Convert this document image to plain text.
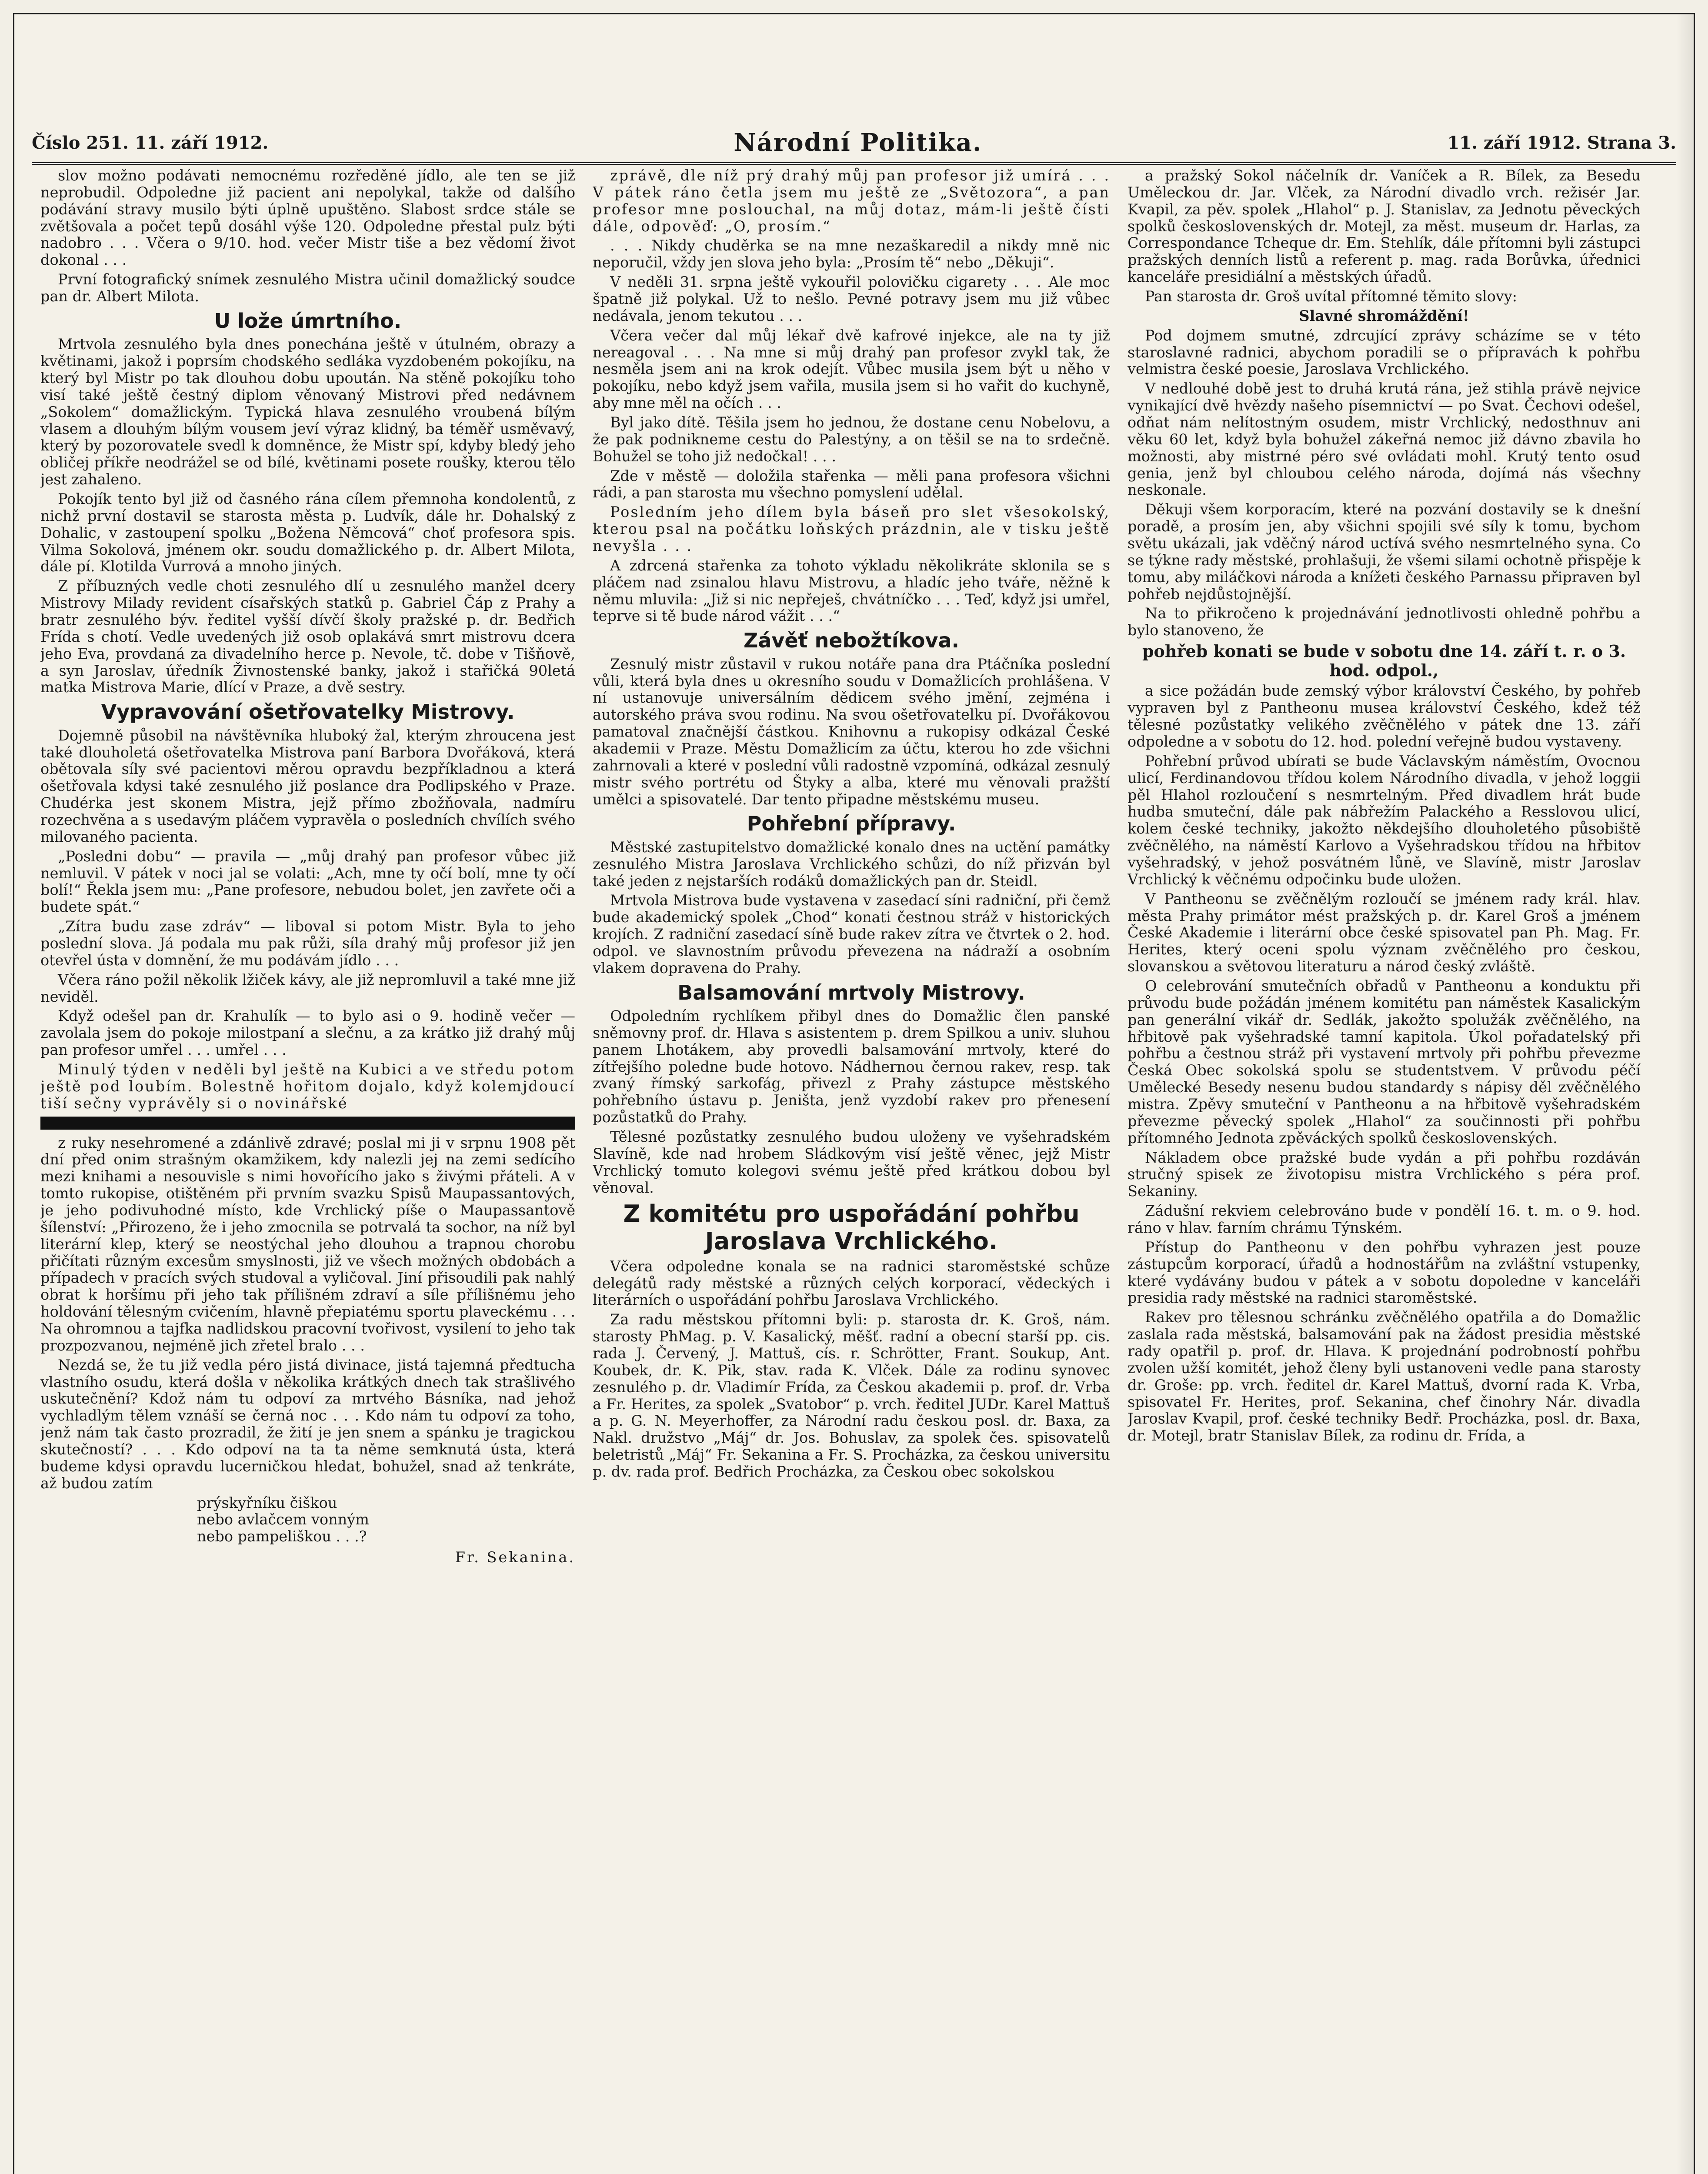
Číslo 251. 11. září 1912.	Národní Politika.	11. září 1912. Strana 3.

slov možno podávati nemocnému rozředěné jídlo, ale ten se již neprobudil. Odpoledne již pacient ani nepolykal, takže od dalšího podávání stravy musilo býti úplně upuštěno. Slabost srdce stále se zvětšovala a počet tepů dosáhl výše 120. Odpoledne přestal pulz býti nadobro . . . Včera o 9/10. hod. večer Mistr tiše a bez vědomí život dokonal . . .

První fotografický snímek zesnulého Mistra učinil domažlický soudce pan dr. Albert Milota.

U lože úmrtního.

Mrtvola zesnulého byla dnes ponechána ještě v útulném, obrazy a květinami, jakož i poprsím chodského sedláka vyzdobeném pokojíku, na který byl Mistr po tak dlouhou dobu upoután. Na stěně pokojíku toho visí také ještě čestný diplom věnovaný Mistrovi před nedávnem „Sokolem“ domažlickým. Typická hlava zesnulého vroubená bílým vlasem a dlouhým bílým vousem jeví výraz klidný, ba téměř usměvavý, který by pozorovatele svedl k domněnce, že Mistr spí, kdyby bledý jeho obličej příkře neodrážel se od bílé, květinami posete roušky, kterou tělo jest zahaleno.

Pokojík tento byl již od časného rána cílem přemnoha kondolentů, z nichž první dostavil se starosta města p. Ludvík, dále hr. Dohalský z Dohalic, v zastoupení spolku „Božena Němcová“ choť profesora spis. Vilma Sokolová, jménem okr. soudu domažlického p. dr. Albert Milota, dále pí. Klotilda Vurrová a mnoho jiných.

Z příbuzných vedle choti zesnulého dlí u zesnulého manžel dcery Mistrovy Milady revident císařských statků p. Gabriel Čáp z Prahy a bratr zesnulého býv. ředitel vyšší dívčí školy pražské p. dr. Bedřich Frída s chotí. Vedle uvedených již osob oplakává smrt mistrovu dcera jeho Eva, provdaná za divadelního herce p. Nevole, tč. dobe v Tišňově, a syn Jaroslav, úředník Živnostenské banky, jakož i stařičká 90letá matka Mistrova Marie, dlící v Praze, a dvě sestry.

Vypravování ošetřovatelky Mistrovy.

Dojemně působil na návštěvníka hluboký žal, kterým zhroucena jest také dlouholetá ošetřovatelka Mistrova paní Barbora Dvořáková, která obětovala síly své pacientovi měrou opravdu bezpříkladnou a která ošetřovala kdysi také zesnulého již poslance dra Podlipského v Praze. Chudérka jest skonem Mistra, jejž přímo zbožňovala, nadmíru rozechvěna a s usedavým pláčem vypravěla o posledních chvílích svého milovaného pacienta.

„Posledni dobu“ — pravila — „můj drahý pan profesor vůbec již nemluvil. V pátek v noci jal se volati: „Ach, mne ty očí bolí, mne ty očí bolí!“ Řekla jsem mu: „Pane profesore, nebudou bolet, jen zavřete oči a budete spát.“

„Zítra budu zase zdráv“ — liboval si potom Mistr. Byla to jeho poslední slova. Já podala mu pak růži, síla drahý můj profesor již jen otevřel ústa v domnění, že mu podávám jídlo . . .

Včera ráno požil několik lžiček kávy, ale již nepromluvil a také mne již neviděl.

Když odešel pan dr. Krahulík — to bylo asi o 9. hodině večer — zavolala jsem do pokoje milostpaní a slečnu, a za krátko již drahý můj pan profesor umřel . . . umřel . . .

Minulý týden v neděli byl ještě na Kubici a ve středu potom ještě pod loubím. Bolestně hořitom dojalo, když kolemjdoucí tiší sečny vyprávěly si o novinářské

z ruky nesehromené a zdánlivě zdravé; poslal mi ji v srpnu 1908 pět dní před onim strašným okamžikem, kdy nalezli jej na zemi sedícího mezi knihami a nesouvisle s nimi hovořícího jako s živými přáteli. A v tomto rukopise, otištěném při prvním svazku Spisů Maupassantových, je jeho podivuhodné místo, kde Vrchlický píše o Maupassantově šílenství: „Přirozeno, že i jeho zmocnila se potrvalá ta sochor, na níž byl literární klep, který se neostýchal jeho dlouhou a trapnou chorobu přičítati různým excesům smyslnosti, již ve všech možných obdobách a případech v pracích svých studoval a vyličoval. Jiní přisoudili pak nahlý obrat k horšímu při jeho tak přílišném zdraví a síle přílišnému jeho holdování tělesným cvičením, hlavně přepiatému sportu plaveckému . . . Na ohromnou a tajfka nadlidskou pracovní tvořivost, vysilení to jeho tak prozpozvanou, nejméně jich zřetel bralo . . .

Nezdá se, že tu již vedla péro jistá divinace, jistá tajemná předtucha vlastního osudu, která došla v několika krátkých dnech tak strašlivého uskutečnění? Kdož nám tu odpoví za mrtvého Básníka, nad jehož vychladlým tělem vznáší se černá noc . . . Kdo nám tu odpoví za toho, jenž nám tak často prozradil, že žití je jen snem a spánku je tragickou skutečností? . . . Kdo odpoví na ta ta něme semknutá ústa, která budeme kdysi opravdu lucerničkou hledat, bohužel, snad až tenkráte, až budou zatím

prýskyřníku čiškou
nebo avlačcem vonným
nebo pampeliškou . . .?
Fr. Sekanina.

zprávě, dle níž prý drahý můj pan profesor již umírá . . . V pátek ráno četla jsem mu ještě ze „Světozora“, a pan profesor mne poslouchal, na můj dotaz, mám-li ještě čísti dále, odpověď: „O, prosím.“

. . . Nikdy chuděrka se na mne nezaškaredil a nikdy mně nic neporučil, vždy jen slova jeho byla: „Prosím tě“ nebo „Děkuji“.

V neděli 31. srpna ještě vykouřil polovičku cigarety . . . Ale moc špatně již polykal. Už to nešlo. Pevné potravy jsem mu již vůbec nedávala, jenom tekutou . . .

Včera večer dal můj lékař dvě kafrové injekce, ale na ty již nereagoval . . . Na mne si můj drahý pan profesor zvykl tak, že nesměla jsem ani na krok odejít. Vůbec musila jsem být u něho v pokojíku, nebo když jsem vařila, musila jsem si ho vařit do kuchyně, aby mne měl na očích . . .

Byl jako dítě. Těšila jsem ho jednou, že dostane cenu Nobelovu, a že pak podnikneme cestu do Palestýny, a on těšil se na to srdečně. Bohužel se toho již nedočkal! . . .

Zde v městě — doložila stařenka — měli pana profesora všichni rádi, a pan starosta mu všechno pomyslení udělal.

Posledním jeho dílem byla báseň pro slet všesokolský, kterou psal na počátku loňských prázdnin, ale v tisku ještě nevyšla . . .

A zdrcená stařenka za tohoto výkladu několikráte sklonila se s pláčem nad zsinalou hlavu Mistrovu, a hladíc jeho tváře, něžně k němu mluvila: „Již si nic nepřeješ, chvátníčko . . . Teď, když jsi umřel, teprve si tě bude národ vážit . . .“

Závěť nebožtíkova.

Zesnulý mistr zůstavil v rukou notáře pana dra Ptáčníka poslední vůli, která byla dnes u okresního soudu v Domažlicích prohlášena. V ní ustanovuje universálním dědicem svého jmění, zejména i autorského práva svou rodinu. Na svou ošetřovatelku pí. Dvořákovou pamatoval značnější částkou. Knihovnu a rukopisy odkázal České akademii v Praze. Městu Domažlicím za účtu, kterou ho zde všichni zahrnovali a které v poslední vůli radostně vzpomíná, odkázal zesnulý mistr svého portrétu od Štyky a alba, které mu věnovali pražští umělci a spisovatelé. Dar tento připadne městskému museu.

Pohřební přípravy.

Městské zastupitelstvo domažlické konalo dnes na uctění památky zesnulého Mistra Jaroslava Vrchlického schůzi, do níž přizván byl také jeden z nejstarších rodáků domažlických pan dr. Steidl.

Mrtvola Mistrova bude vystavena v zasedací síni radniční, při čemž bude akademický spolek „Chod“ konati čestnou stráž v historických krojích. Z radniční zasedací síně bude rakev zítra ve čtvrtek o 2. hod. odpol. ve slavnostním průvodu převezena na nádraží a osobním vlakem dopravena do Prahy.

Balsamování mrtvoly Mistrovy.

Odpoledním rychlíkem přibyl dnes do Domažlic člen panské sněmovny prof. dr. Hlava s asistentem p. drem Spilkou a univ. sluhou panem Lhotákem, aby provedli balsamování mrtvoly, které do zítřejšího poledne bude hotovo. Nádhernou černou rakev, resp. tak zvaný římský sarkofág, přivezl z Prahy zástupce městského pohřebního ústavu p. Jeništa, jenž vyzdobí rakev pro přenesení pozůstatků do Prahy.

Tělesné pozůstatky zesnulého budou uloženy ve vyšehradském Slavíně, kde nad hrobem Sládkovým visí ještě věnec, jejž Mistr Vrchlický tomuto kolegovi svému ještě před krátkou dobou byl věnoval.

Z komitétu pro uspořádání pohřbu Jaroslava Vrchlického.

Včera odpoledne konala se na radnici staroměstské schůze delegátů rady městské a různých celých korporací, vědeckých i literárních o uspořádání pohřbu Jaroslava Vrchlického.

Za radu městskou přítomni byli: p. starosta dr. K. Groš, nám. starosty PhMag. p. V. Kasalický, měšť. radní a obecní starší pp. cis. rada J. Červený, J. Mattuš, cís. r. Schrötter, Frant. Soukup, Ant. Koubek, dr. K. Pik, stav. rada K. Vlček. Dále za rodinu synovec zesnulého p. dr. Vladimír Frída, za Českou akademii p. prof. dr. Vrba a Fr. Herites, za spolek „Svatobor“ p. vrch. ředitel JUDr. Karel Mattuš a p. G. N. Meyerhoffer, za Národní radu českou posl. dr. Baxa, za Nakl. družstvo „Máj“ dr. Jos. Bohuslav, za spolek čes. spisovatelů beletristů „Máj“ Fr. Sekanina a Fr. S. Procházka, za českou universitu p. dv. rada prof. Bedřich Procházka, za Českou obec sokolskou

a pražský Sokol náčelník dr. Vaníček a R. Bílek, za Besedu Uměleckou dr. Jar. Vlček, za Národní divadlo vrch. režisér Jar. Kvapil, za pěv. spolek „Hlahol“ p. J. Stanislav, za Jednotu pěveckých spolků československých dr. Motejl, za měst. museum dr. Harlas, za Correspondance Tcheque dr. Em. Stehlík, dále přítomni byli zástupci pražských denních listů a referent p. mag. rada Borůvka, úřednici kanceláře presidiální a městských úřadů.

Pan starosta dr. Groš uvítal přítomné těmito slovy:

Slavné shromáždění!

Pod dojmem smutné, zdrcující zprávy scházíme se v této staroslavné radnici, abychom poradili se o přípravách k pohřbu velmistra české poesie, Jaroslava Vrchlického.

V nedlouhé době jest to druhá krutá rána, jež stihla právě nejvice vynikající dvě hvězdy našeho písemnictví — po Svat. Čechovi odešel, odňat nám nelítostným osudem, mistr Vrchlický, nedosthnuv ani věku 60 let, když byla bohužel zákeřná nemoc již dávno zbavila ho možnosti, aby mistrné péro své ovládati mohl. Krutý tento osud genia, jenž byl chloubou celého národa, dojímá nás všechny neskonale.

Děkuji všem korporacím, které na pozvání dostavily se k dnešní poradě, a prosím jen, aby všichni spojili své síly k tomu, bychom světu ukázali, jak vděčný národ uctívá svého nesmrtelného syna. Co se týkne rady městské, prohlašuji, že všemi silami ochotně přispěje k tomu, aby miláčkovi národa a knížeti českého Parnassu připraven byl pohřeb nejdůstojnější.

Na to přikročeno k projednávání jednotlivosti ohledně pohřbu a bylo stanoveno, že

pohřeb konati se bude v sobotu dne 14. září t. r. o 3. hod. odpol.,

a sice požádán bude zemský výbor království Českého, by pohřeb vypraven byl z Pantheonu musea království Českého, kdež též tělesné pozůstatky velikého zvěčnělého v pátek dne 13. září odpoledne a v sobotu do 12. hod. polední veřejně budou vystaveny.

Pohřební průvod ubírati se bude Václavským náměstím, Ovocnou ulicí, Ferdinandovou třídou kolem Národního divadla, v jehož loggii pěl Hlahol rozloučení s nesmrtelným. Před divadlem hrát bude hudba smuteční, dále pak nábřežím Palackého a Resslovou ulicí, kolem české techniky, jakožto někdejšího dlouholetého působiště zvěčnělého, na náměstí Karlovo a Vyšehradskou třídou na hřbitov vyšehradský, v jehož posvátném lůně, ve Slavíně, mistr Jaroslav Vrchlický k věčnému odpočinku bude uložen.

V Pantheonu se zvěčnělým rozloučí se jménem rady král. hlav. města Prahy primátor mést pražských p. dr. Karel Groš a jménem České Akademie i literární obce české spisovatel pan Ph. Mag. Fr. Herites, který oceni spolu význam zvěčnělého pro českou, slovanskou a světovou literaturu a národ český zvláště.

O celebrování smutečních obřadů v Pantheonu a konduktu při průvodu bude požádán jménem komitétu pan náměstek Kasalickým pan generální vikář dr. Sedlák, jakožto spolužák zvěčnělého, na hřbitově pak vyšehradské tamní kapitola. Úkol pořadatelský při pohřbu a čestnou stráž při vystavení mrtvoly při pohřbu převezme Česká Obec sokolská spolu se studentstvem. V průvodu péčí Umělecké Besedy nesenu budou standardy s nápisy děl zvěčnělého mistra. Zpěvy smuteční v Pantheonu a na hřbitově vyšehradském převezme pěvecký spolek „Hlahol“ za součinnosti při pohřbu přítomného Jednota zpěváckých spolků československých.

Nákladem obce pražské bude vydán a při pohřbu rozdáván stručný spisek ze životopisu mistra Vrchlického s péra prof. Sekaniny.

Zádušní rekviem celebrováno bude v pondělí 16. t. m. o 9. hod. ráno v hlav. farním chrámu Týnském.

Přístup do Pantheonu v den pohřbu vyhrazen jest pouze zástupcům korporací, úřadů a hodnostářům na zvláštní vstupenky, které vydávány budou v pátek a v sobotu dopoledne v kanceláři presidia rady městské na radnici staroměstské.

Rakev pro tělesnou schránku zvěčnělého opatřila a do Domažlic zaslala rada městská, balsamování pak na žádost presidia městské rady opatřil p. prof. dr. Hlava. K projednání podrobností pohřbu zvolen užší komitét, jehož členy byli ustanoveni vedle pana starosty dr. Groše: pp. vrch. ředitel dr. Karel Mattuš, dvorní rada K. Vrba, spisovatel Fr. Herites, prof. Sekanina, chef činohry Nár. divadla Jaroslav Kvapil, prof. české techniky Bedř. Procházka, posl. dr. Baxa, dr. Motejl, bratr Stanislav Bílek, za rodinu dr. Frída, a
